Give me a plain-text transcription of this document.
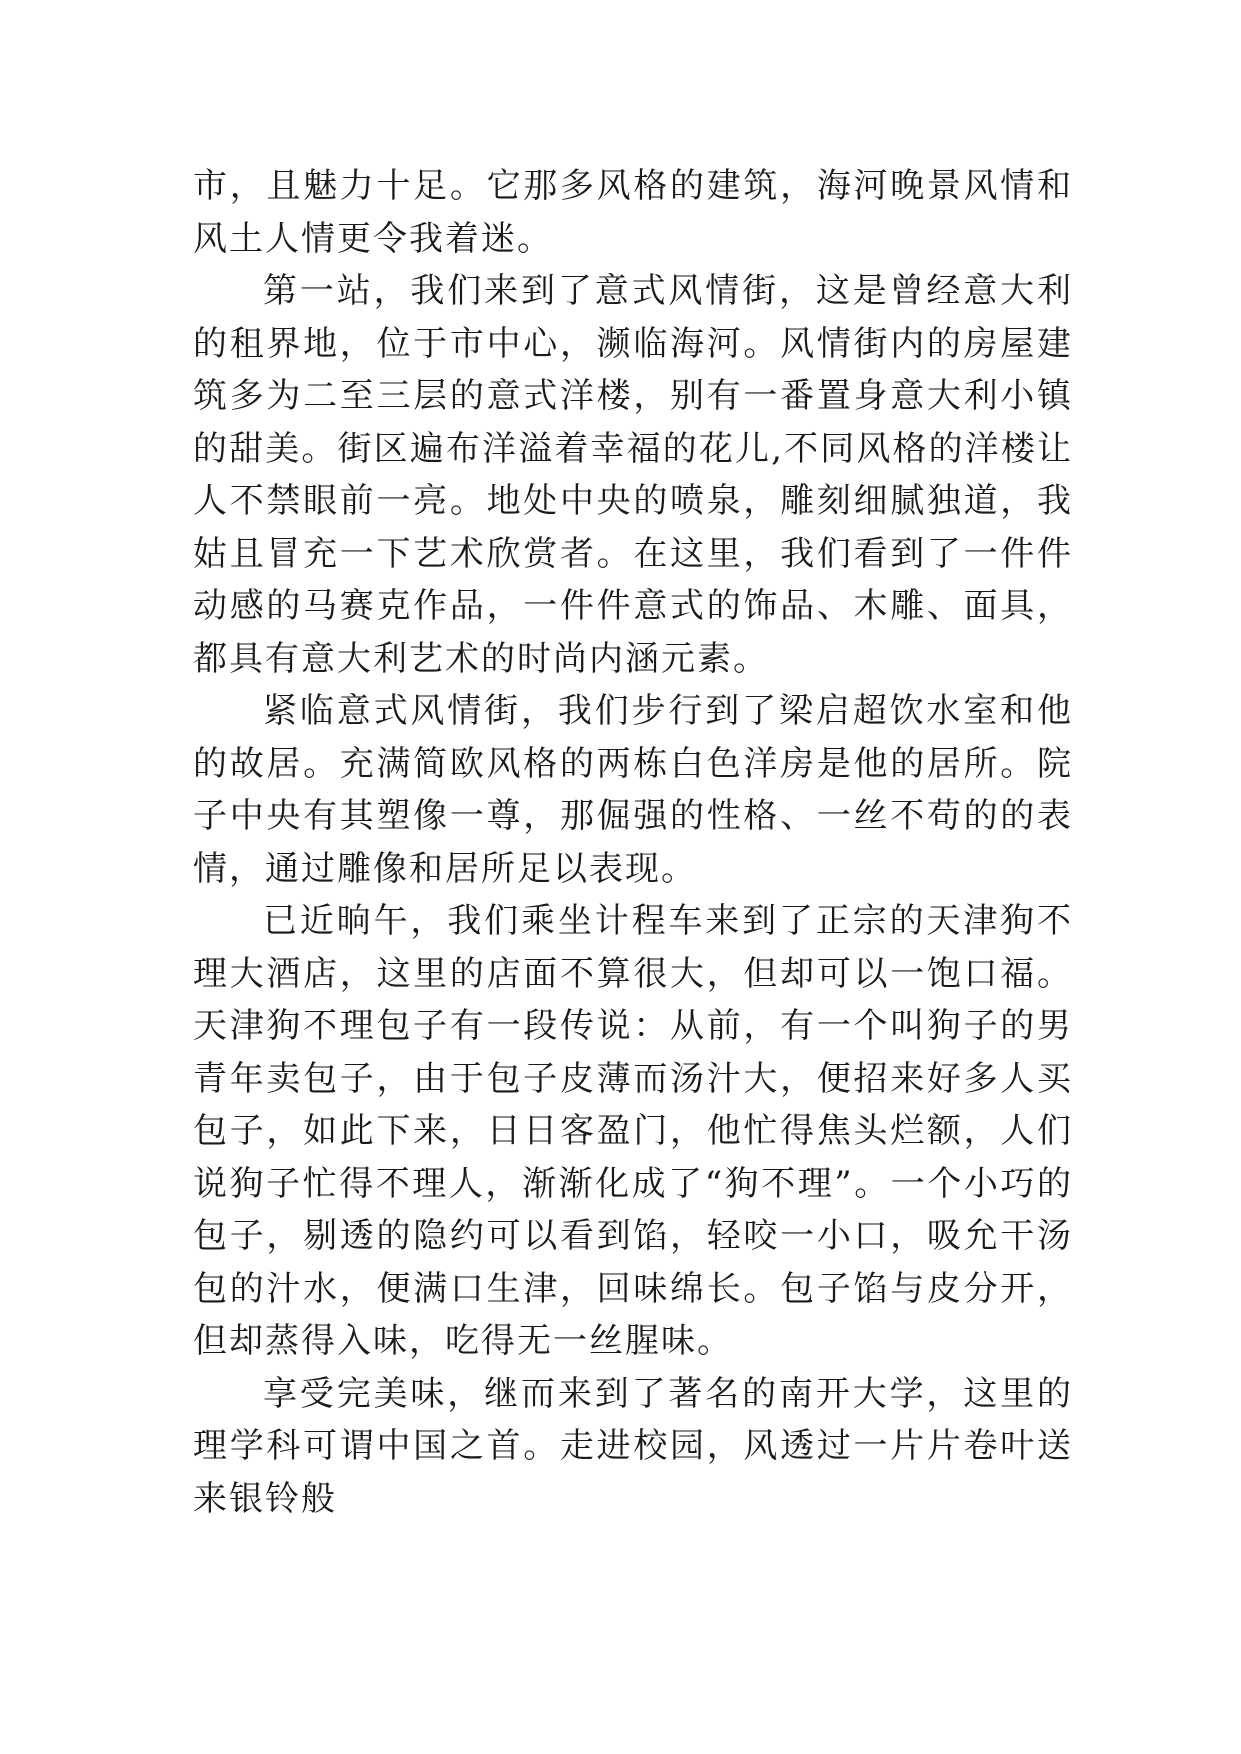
市，且魅力十足。它那多风格的建筑，海河晚景风情和风土人情更令我着迷。

第一站，我们来到了意式风情街，这是曾经意大利的租界地，位于市中心，濒临海河。风情街内的房屋建筑多为二至三层的意式洋楼，别有一番置身意大利小镇的甜美。街区遍布洋溢着幸福的花儿,不同风格的洋楼让人不禁眼前一亮。地处中央的喷泉，雕刻细腻独道，我姑且冒充一下艺术欣赏者。在这里，我们看到了一件件动感的马赛克作品，一件件意式的饰品、木雕、面具，都具有意大利艺术的时尚内涵元素。

紧临意式风情街，我们步行到了梁启超饮水室和他的故居。充满简欧风格的两栋白色洋房是他的居所。院子中央有其塑像一尊，那倔强的性格、一丝不苟的的表情，通过雕像和居所足以表现。

已近晌午，我们乘坐计程车来到了正宗的天津狗不理大酒店，这里的店面不算很大，但却可以一饱口福。天津狗不理包子有一段传说：从前，有一个叫狗子的男青年卖包子，由于包子皮薄而汤汁大，便招来好多人买包子，如此下来，日日客盈门，他忙得焦头烂额，人们说狗子忙得不理人，渐渐化成了“狗不理”。一个小巧的包子，剔透的隐约可以看到馅，轻咬一小口，吸允干汤包的汁水，便满口生津，回味绵长。包子馅与皮分开，但却蒸得入味，吃得无一丝腥味。

享受完美味，继而来到了著名的南开大学，这里的理学科可谓中国之首。走进校园，风透过一片片卷叶送来银铃般
